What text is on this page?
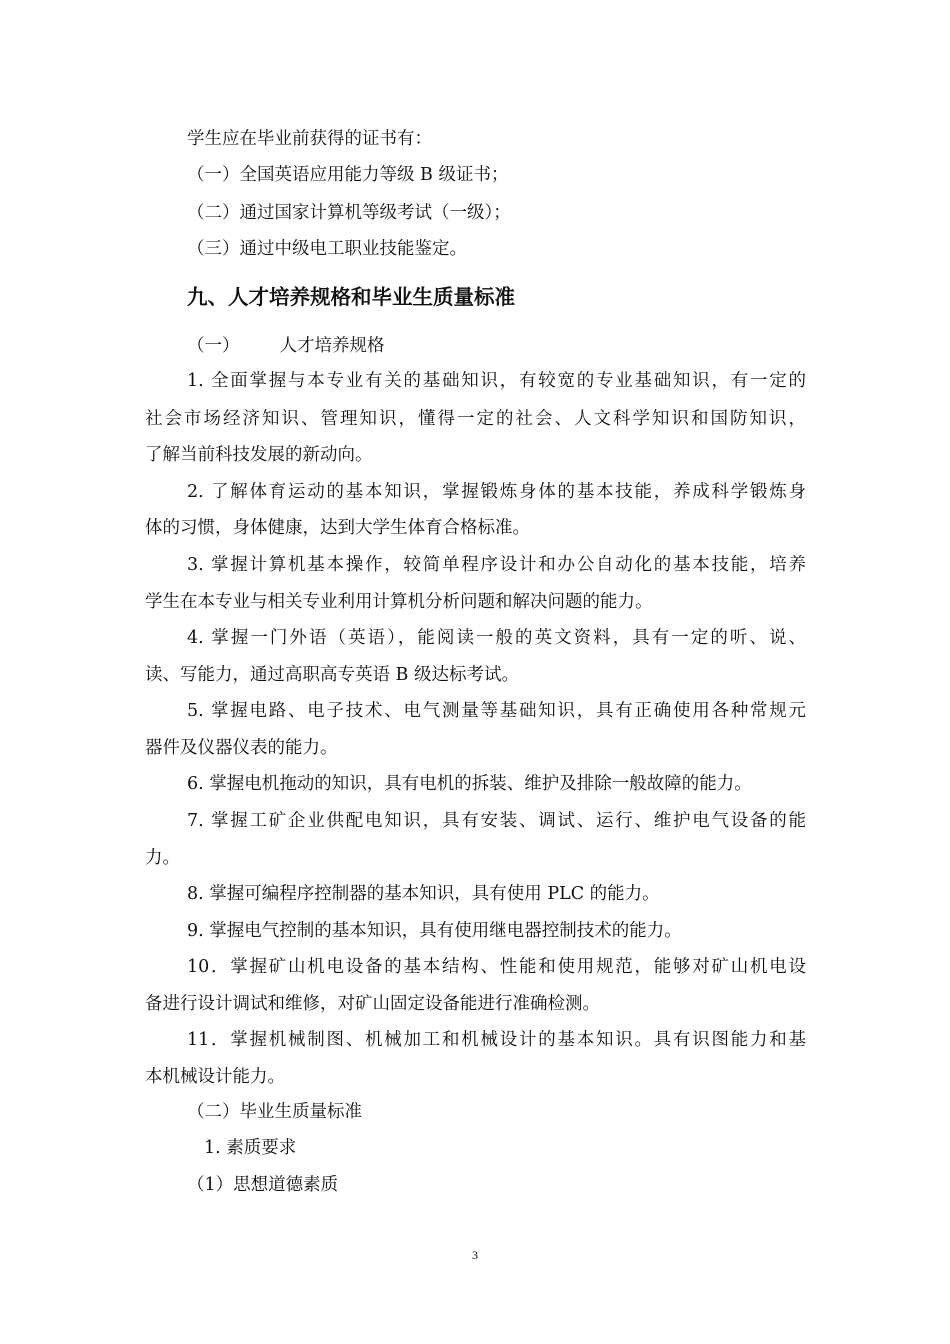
学生应在毕业前获得的证书有：
（一）全国英语应用能力等级 B 级证书；
（二）通过国家计算机等级考试（一级）；
（三）通过中级电工职业技能鉴定。
九、人才培养规格和毕业生质量标准
（一） 人才培养规格
1. 全面掌握与本专业有关的基础知识，有较宽的专业基础知识，有一定的
社会市场经济知识、管理知识，懂得一定的社会、人文科学知识和国防知识，
了解当前科技发展的新动向。
2. 了解体育运动的基本知识，掌握锻炼身体的基本技能，养成科学锻炼身
体的习惯，身体健康，达到大学生体育合格标准。
3. 掌握计算机基本操作，较简单程序设计和办公自动化的基本技能，培养
学生在本专业与相关专业利用计算机分析问题和解决问题的能力。
4. 掌握一门外语（英语），能阅读一般的英文资料，具有一定的听、说、
读、写能力，通过高职高专英语 B 级达标考试。
5. 掌握电路、电子技术、电气测量等基础知识，具有正确使用各种常规元
器件及仪器仪表的能力。
6. 掌握电机拖动的知识，具有电机的拆装、维护及排除一般故障的能力。
7. 掌握工矿企业供配电知识，具有安装、调试、运行、维护电气设备的能
力。
8. 掌握可编程序控制器的基本知识，具有使用 PLC 的能力。
9. 掌握电气控制的基本知识，具有使用继电器控制技术的能力。
10．掌握矿山机电设备的基本结构、性能和使用规范，能够对矿山机电设
备进行设计调试和维修，对矿山固定设备能进行准确检测。
11．掌握机械制图、机械加工和机械设计的基本知识。具有识图能力和基
本机械设计能力。
（二）毕业生质量标准
1. 素质要求
（1）思想道德素质
3
